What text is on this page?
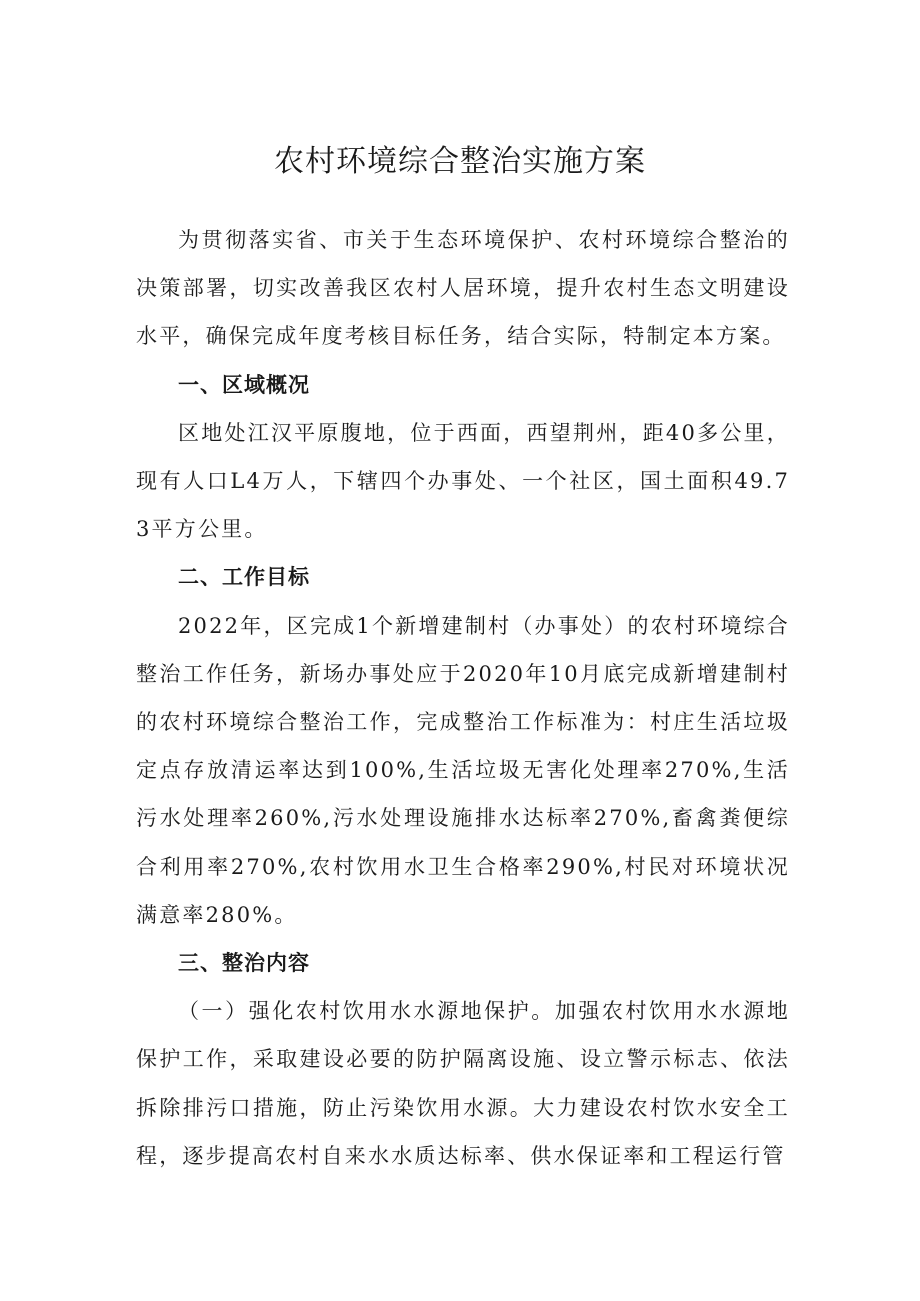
农村环境综合整治实施方案

为贯彻落实省、市关于生态环境保护、农村环境综合整治的决策部署，切实改善我区农村人居环境，提升农村生态文明建设水平，确保完成年度考核目标任务，结合实际，特制定本方案。

一、区域概况

区地处江汉平原腹地，位于西面，西望荆州，距40多公里，现有人口L4万人，下辖四个办事处、一个社区，国土面积49.73平方公里。

二、工作目标

2022年，区完成1个新增建制村（办事处）的农村环境综合整治工作任务，新场办事处应于2020年10月底完成新增建制村的农村环境综合整治工作，完成整治工作标准为：村庄生活垃圾定点存放清运率达到100%,生活垃圾无害化处理率270%,生活污水处理率260%,污水处理设施排水达标率270%,畜禽粪便综合利用率270%,农村饮用水卫生合格率290%,村民对环境状况满意率280%。

三、整治内容

（一）强化农村饮用水水源地保护。加强农村饮用水水源地保护工作，采取建设必要的防护隔离设施、设立警示标志、依法拆除排污口措施，防止污染饮用水源。大力建设农村饮水安全工程，逐步提高农村自来水水质达标率、供水保证率和工程运行管
